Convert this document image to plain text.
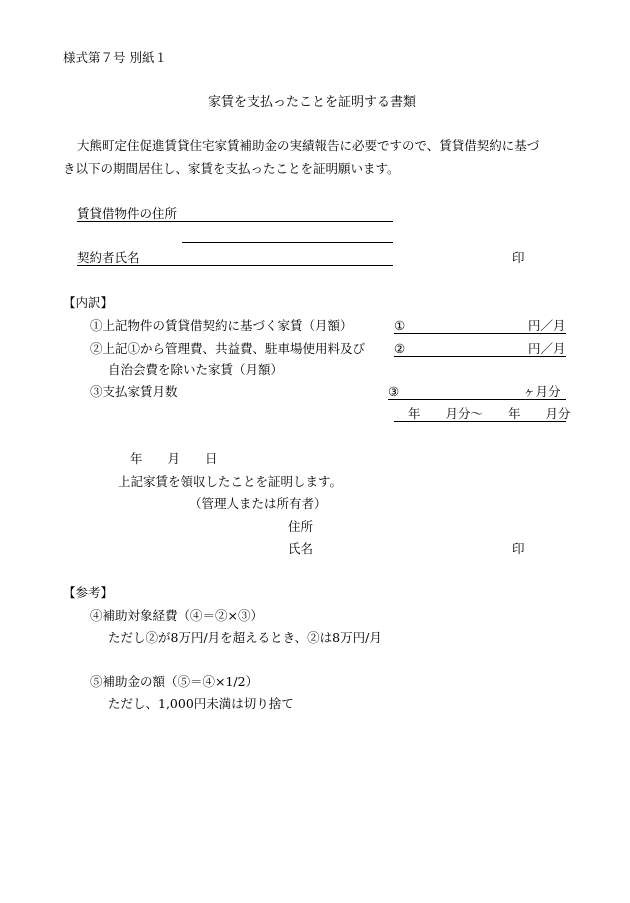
様式第７号 別紙１
家賃を支払ったことを証明する書類
大熊町定住促進賃貸住宅家賃補助金の実績報告に必要ですので、賃貸借契約に基づ
き以下の期間居住し、家賃を支払ったことを証明願います。
賃貸借物件の住所
契約者氏名	印
【内訳】
①上記物件の賃貸借契約に基づく家賃（月額）	①	円／月
②上記①から管理費、共益費、駐車場使用料及び
自治会費を除いた家賃（月額）
②	円／月
③支払家賃月数	③	ヶ月分
年　　月分～　　年　　月分
年　　月　　日
上記家賃を領収したことを証明します。
（管理人または所有者）
住所
氏名	印
【参考】
④補助対象経費（④＝②×③）
ただし②が8万円/月を超えるとき、②は8万円/月
⑤補助金の額（⑤＝④×1/2）
ただし、1,000円未満は切り捨て
